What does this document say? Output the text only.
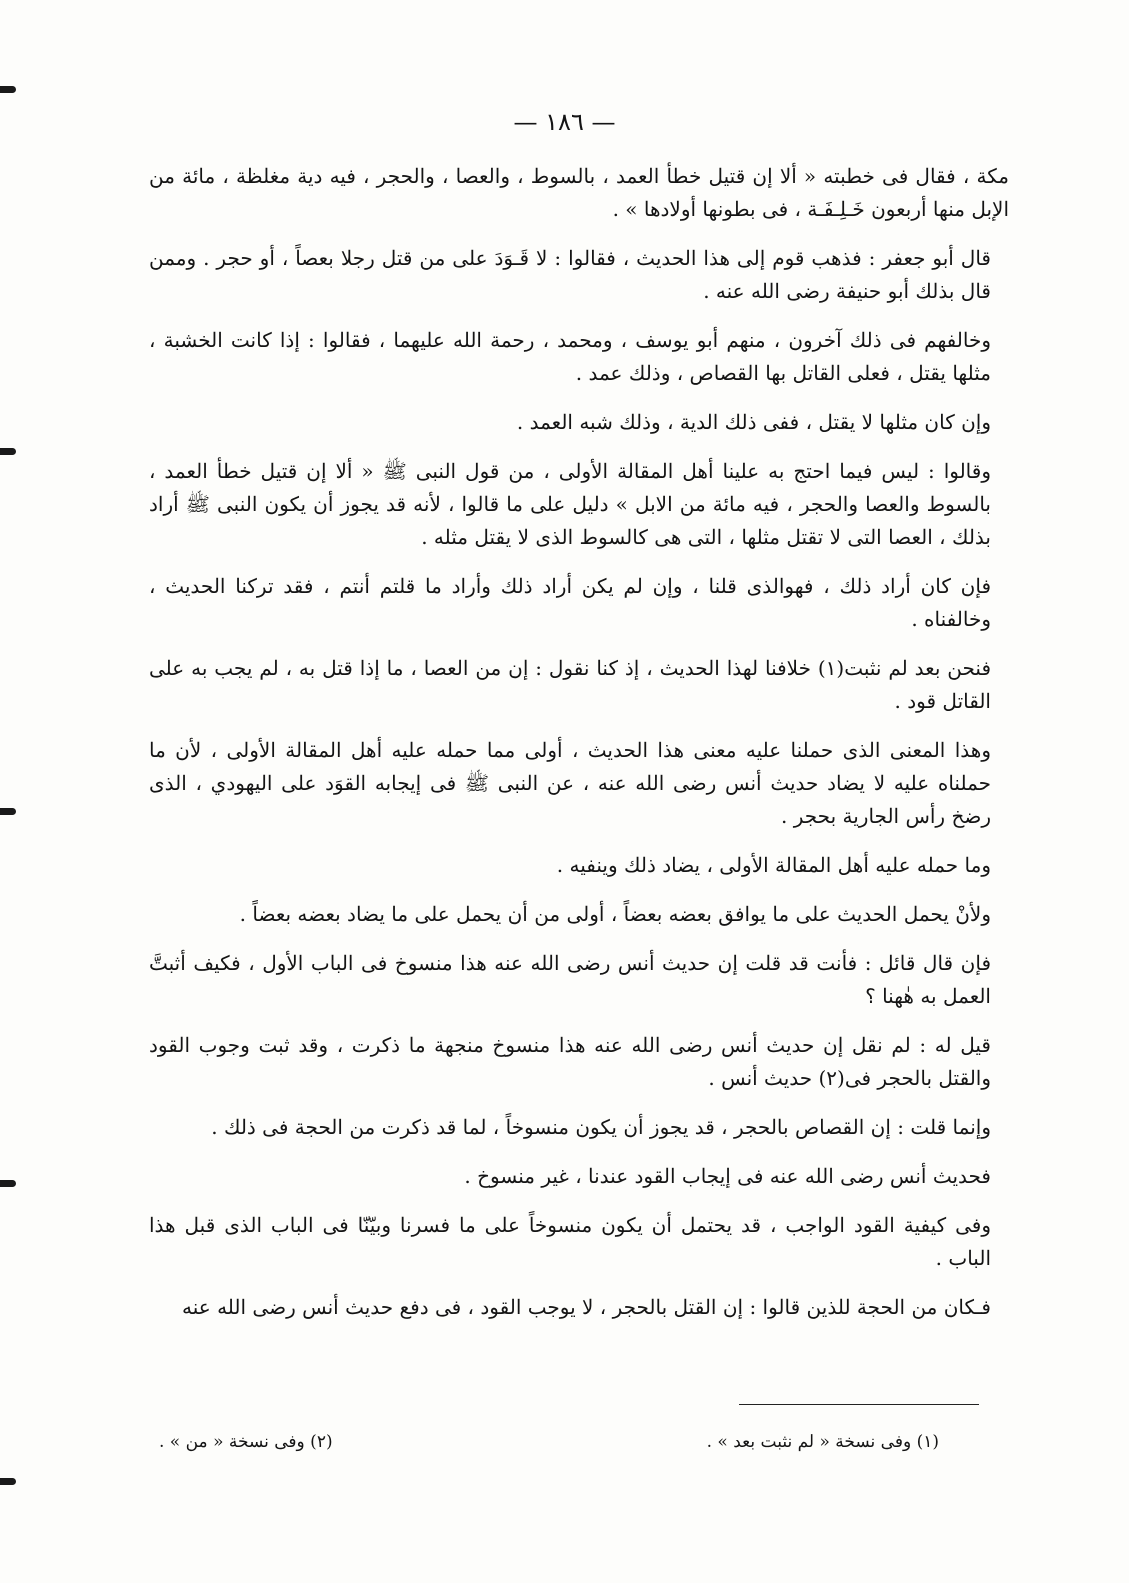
— ١٨٦ —

مكة ، فقال فى خطبته « ألا إن قتيل خطأ العمد ، بالسوط ، والعصا ، والحجر ، فيه دية مغلظة ، مائة من الإبل منها أربعون خَـلِـفَـة ، فى بطونها أولادها » .

قال أبو جعفر : فذهب قوم إلى هذا الحديث ، فقالوا : لا قَـوَدَ على من قتل رجلا بعصاً ، أو حجر . وممن قال بذلك أبو حنيفة رضى الله عنه .

وخالفهم فى ذلك آخرون ، منهم أبو يوسف ، ومحمد ، رحمة الله عليهما ، فقالوا : إذا كانت الخشبة ، مثلها يقتل ، فعلى القاتل بها القصاص ، وذلك عمد .

وإن كان مثلها لا يقتل ، ففى ذلك الدية ، وذلك شبه العمد .

وقالوا : ليس فيما احتج به علينا أهل المقالة الأولى ، من قول النبى ﷺ « ألا إن قتيل خطأ العمد ، بالسوط والعصا والحجر ، فيه مائة من الابل » دليل على ما قالوا ، لأنه قد يجوز أن يكون النبى ﷺ أراد بذلك ، العصا التى لا تقتل مثلها ، التى هى كالسوط الذى لا يقتل مثله .

فإن كان أراد ذلك ، فهوالذى قلنا ، وإن لم يكن أراد ذلك وأراد ما قلتم أنتم ، فقد تركنا الحديث ، وخالفناه .

فنحن بعد لم نثبت(١) خلافنا لهذا الحديث ، إذ كنا نقول : إن من العصا ، ما إذا قتل به ، لم يجب به على القاتل قود .

وهذا المعنى الذى حملنا عليه معنى هذا الحديث ، أولى مما حمله عليه أهل المقالة الأولى ، لأن ما حملناه عليه لا يضاد حديث أنس رضى الله عنه ، عن النبى ﷺ فى إيجابه القوَد على اليهودي ، الذى رضخ رأس الجارية بحجر .

وما حمله عليه أهل المقالة الأولى ، يضاد ذلك وينفيه .

ولأنْ يحمل الحديث على ما يوافق بعضه بعضاً ، أولى من أن يحمل على ما يضاد بعضه بعضاً .

فإن قال قائل : فأنت قد قلت إن حديث أنس رضى الله عنه هذا منسوخ فى الباب الأول ، فكيف أثبتَّ العمل به هٰهنا ؟

قيل له : لم نقل إن حديث أنس رضى الله عنه هذا منسوخ منجهة ما ذكرت ، وقد ثبت وجوب القود والقتل بالحجر فى(٢) حديث أنس .

وإنما قلت : إن القصاص بالحجر ، قد يجوز أن يكون منسوخاً ، لما قد ذكرت من الحجة فى ذلك .

فحديث أنس رضى الله عنه فى إيجاب القود عندنا ، غير منسوخ .

وفى كيفية القود الواجب ، قد يحتمل أن يكون منسوخاً على ما فسرنا وبيّنّا فى الباب الذى قبل هذا الباب .

فـكان من الحجة للذين قالوا : إن القتل بالحجر ، لا يوجب القود ، فى دفع حديث أنس رضى الله عنه

(١) وفى نسخة « لم نثبت بعد » .
(٢) وفى نسخة « من » .
